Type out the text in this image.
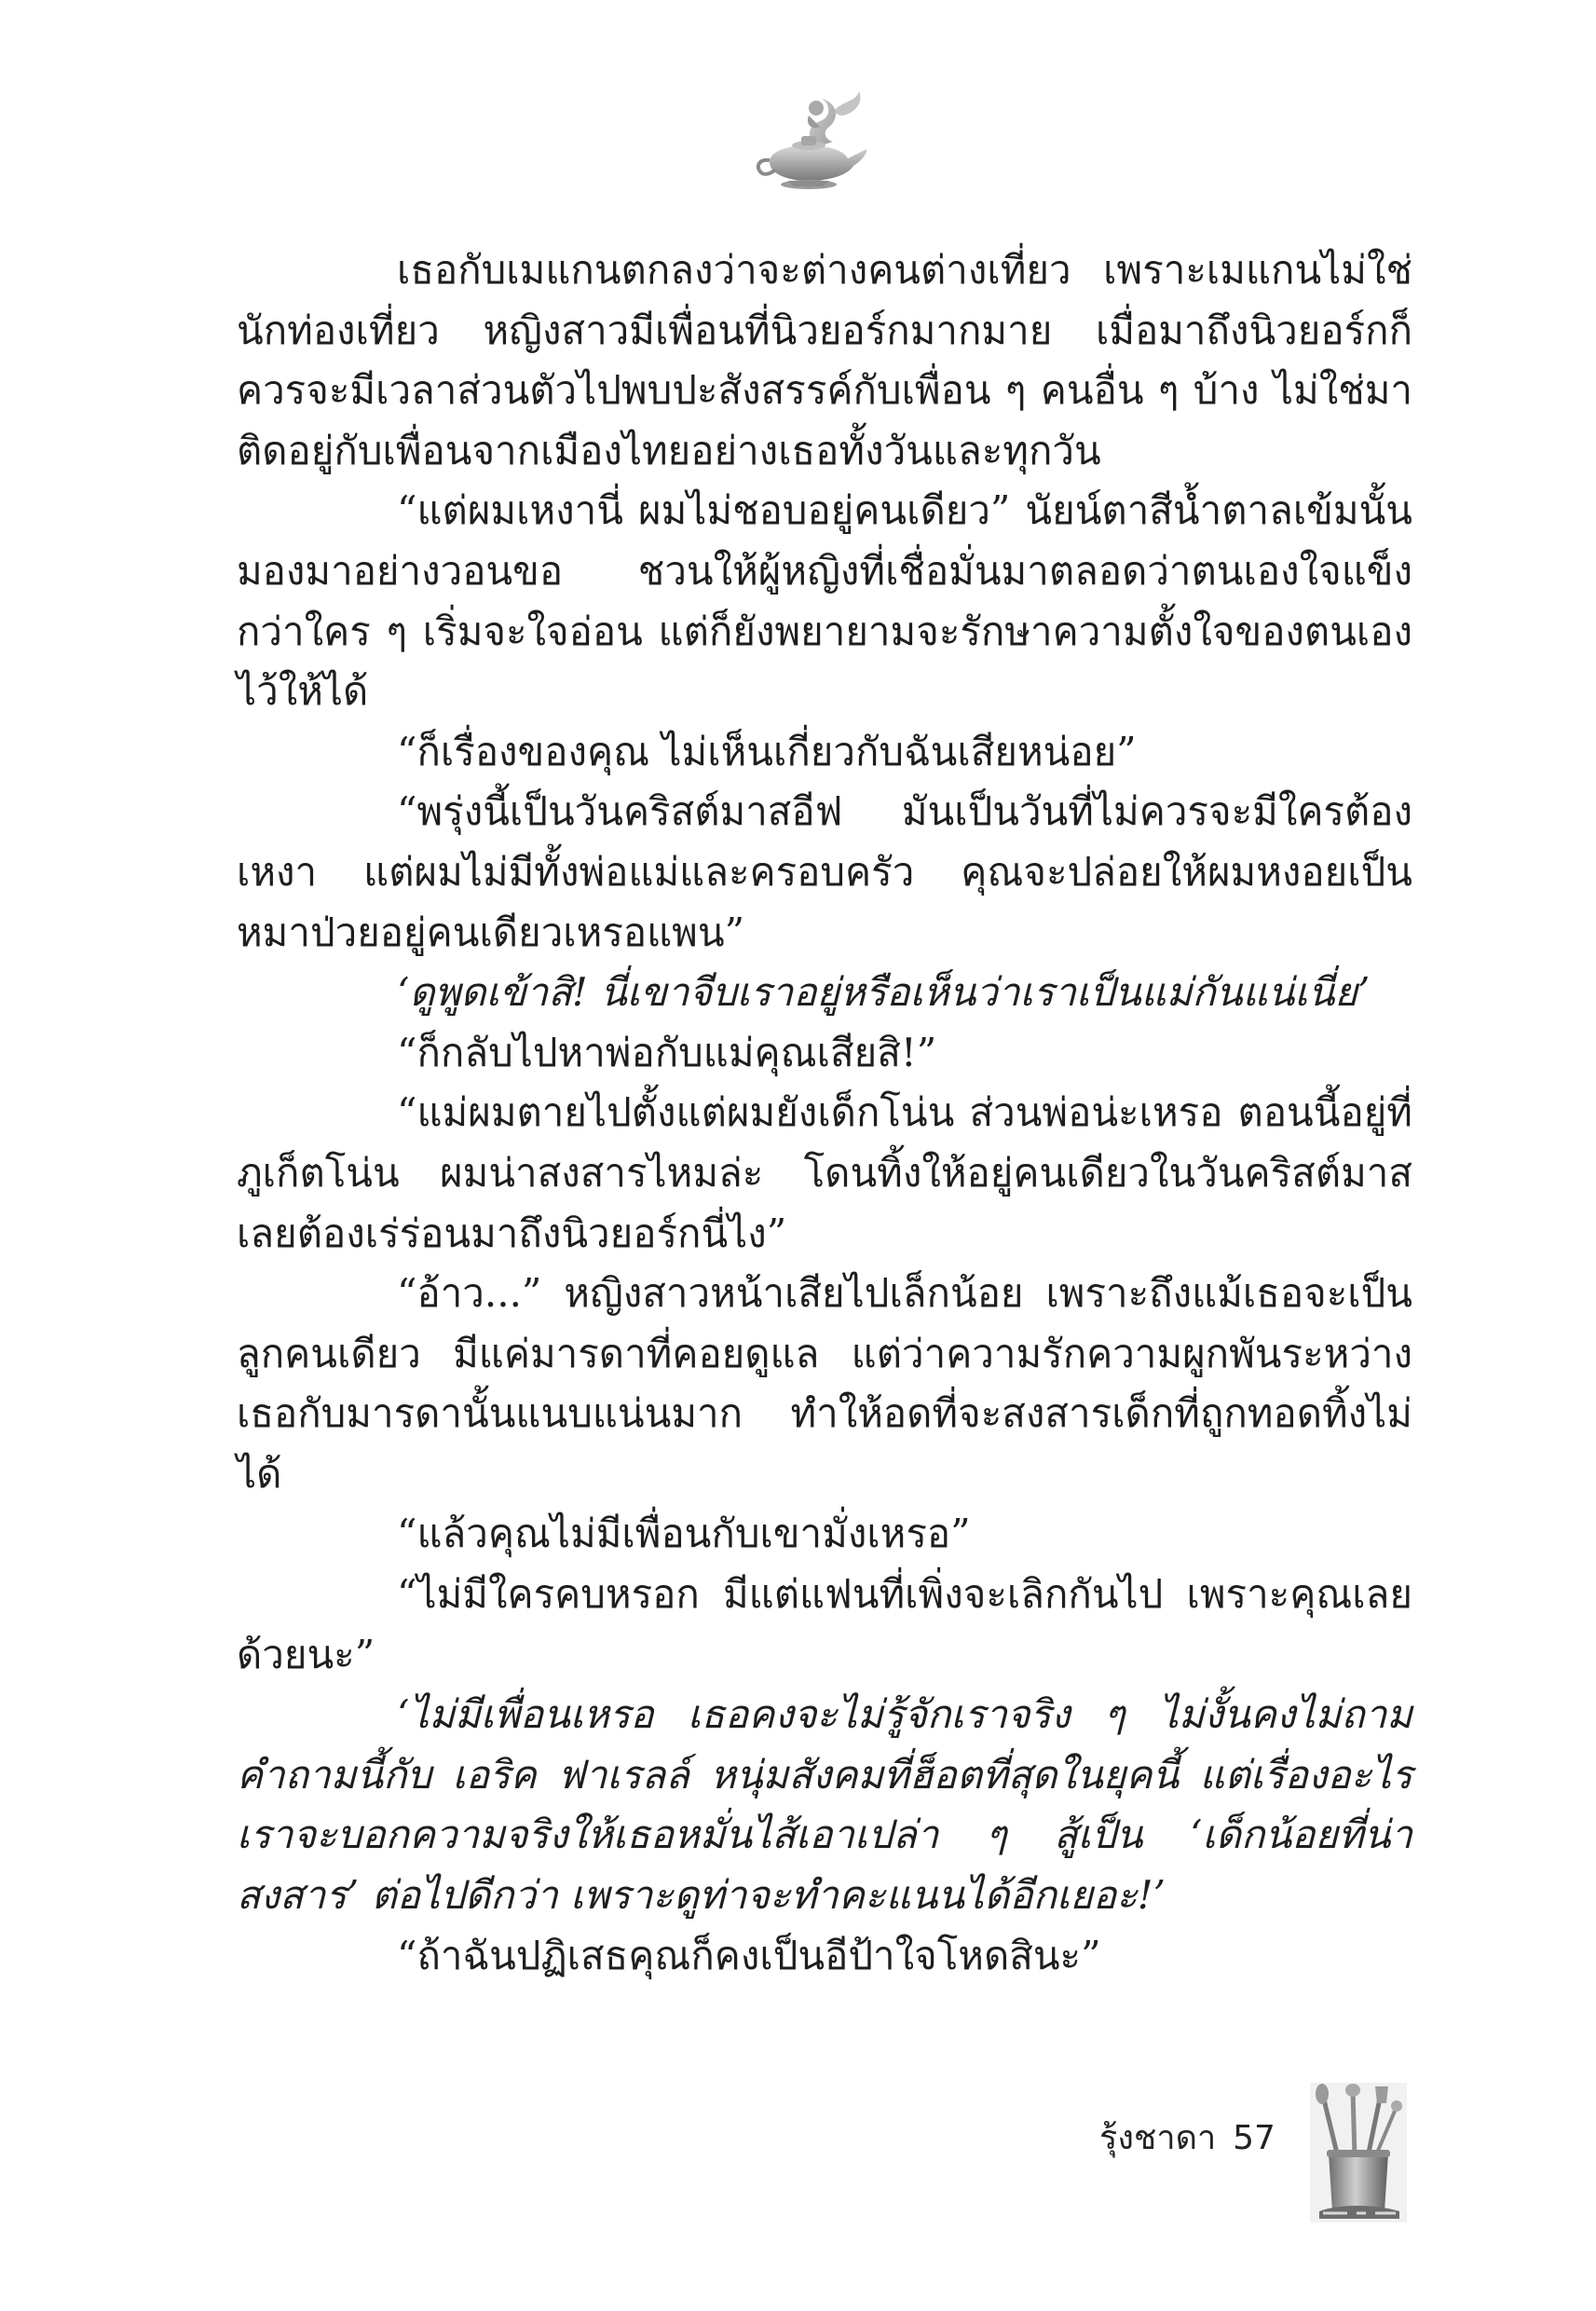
เธอกับเมแกนตกลงว่าจะต่างคนต่างเที่ยว เพราะเมแกนไม่ใช่นักท่องเที่ยว หญิงสาวมีเพื่อนที่นิวยอร์กมากมาย เมื่อมาถึงนิวยอร์กก็ควรจะมีเวลาส่วนตัวไปพบปะสังสรรค์กับเพื่อน ๆ คนอื่น ๆ บ้าง ไม่ใช่มาติดอยู่กับเพื่อนจากเมืองไทยอย่างเธอทั้งวันและทุกวัน

“แต่ผมเหงานี่ ผมไม่ชอบอยู่คนเดียว” นัยน์ตาสีน้ำตาลเข้มนั้นมองมาอย่างวอนขอ ชวนให้ผู้หญิงที่เชื่อมั่นมาตลอดว่าตนเองใจแข็งกว่าใคร ๆ เริ่มจะใจอ่อน แต่ก็ยังพยายามจะรักษาความตั้งใจของตนเองไว้ให้ได้

“ก็เรื่องของคุณ ไม่เห็นเกี่ยวกับฉันเสียหน่อย”

“พรุ่งนี้เป็นวันคริสต์มาสอีฟ มันเป็นวันที่ไม่ควรจะมีใครต้องเหงา แต่ผมไม่มีทั้งพ่อแม่และครอบครัว คุณจะปล่อยให้ผมหงอยเป็นหมาป่วยอยู่คนเดียวเหรอแพน”

‘ดูพูดเข้าสิ! นี่เขาจีบเราอยู่หรือเห็นว่าเราเป็นแม่กันแน่เนี่ย’

“ก็กลับไปหาพ่อกับแม่คุณเสียสิ!”

“แม่ผมตายไปตั้งแต่ผมยังเด็กโน่น ส่วนพ่อน่ะเหรอ ตอนนี้อยู่ที่ภูเก็ตโน่น ผมน่าสงสารไหมล่ะ โดนทิ้งให้อยู่คนเดียวในวันคริสต์มาสเลยต้องเร่ร่อนมาถึงนิวยอร์กนี่ไง”

“อ้าว...” หญิงสาวหน้าเสียไปเล็กน้อย เพราะถึงแม้เธอจะเป็นลูกคนเดียว มีแค่มารดาที่คอยดูแล แต่ว่าความรักความผูกพันระหว่างเธอกับมารดานั้นแนบแน่นมาก ทำให้อดที่จะสงสารเด็กที่ถูกทอดทิ้งไม่ได้

“แล้วคุณไม่มีเพื่อนกับเขามั่งเหรอ”

“ไม่มีใครคบหรอก มีแต่แฟนที่เพิ่งจะเลิกกันไป เพราะคุณเลยด้วยนะ”

‘ไม่มีเพื่อนเหรอ เธอคงจะไม่รู้จักเราจริง ๆ ไม่งั้นคงไม่ถามคำถามนี้กับ เอริค ฟาเรลล์ หนุ่มสังคมที่ฮ็อตที่สุดในยุคนี้ แต่เรื่องอะไรเราจะบอกความจริงให้เธอหมั่นไส้เอาเปล่า ๆ สู้เป็น ‘เด็กน้อยที่น่าสงสาร’ ต่อไปดีกว่า เพราะดูท่าจะทำคะแนนได้อีกเยอะ!’

“ถ้าฉันปฏิเสธคุณก็คงเป็นอีป้าใจโหดสินะ”

รุ้งชาดา 57
